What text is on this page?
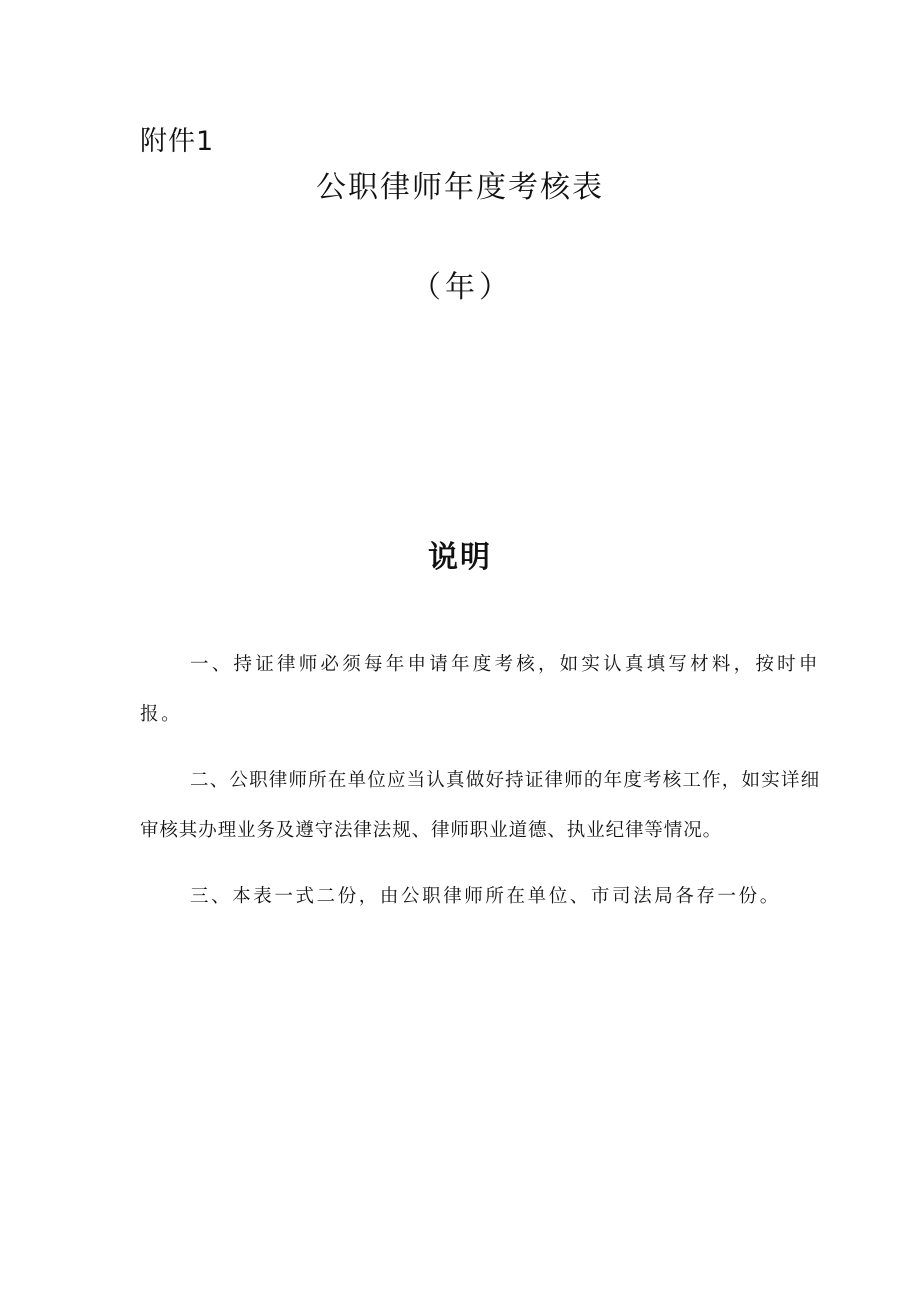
附件1
公职律师年度考核表
（ 年 ）
说明

一、持证律师必须每年申请年度考核，如实认真填写材料，按时申报。

二、公职律师所在单位应当认真做好持证律师的年度考核工作，如实详细审核其办理业务及遵守法律法规、律师职业道德、执业纪律等情况。

三、本表一式二份，由公职律师所在单位、市司法局各存一份。
